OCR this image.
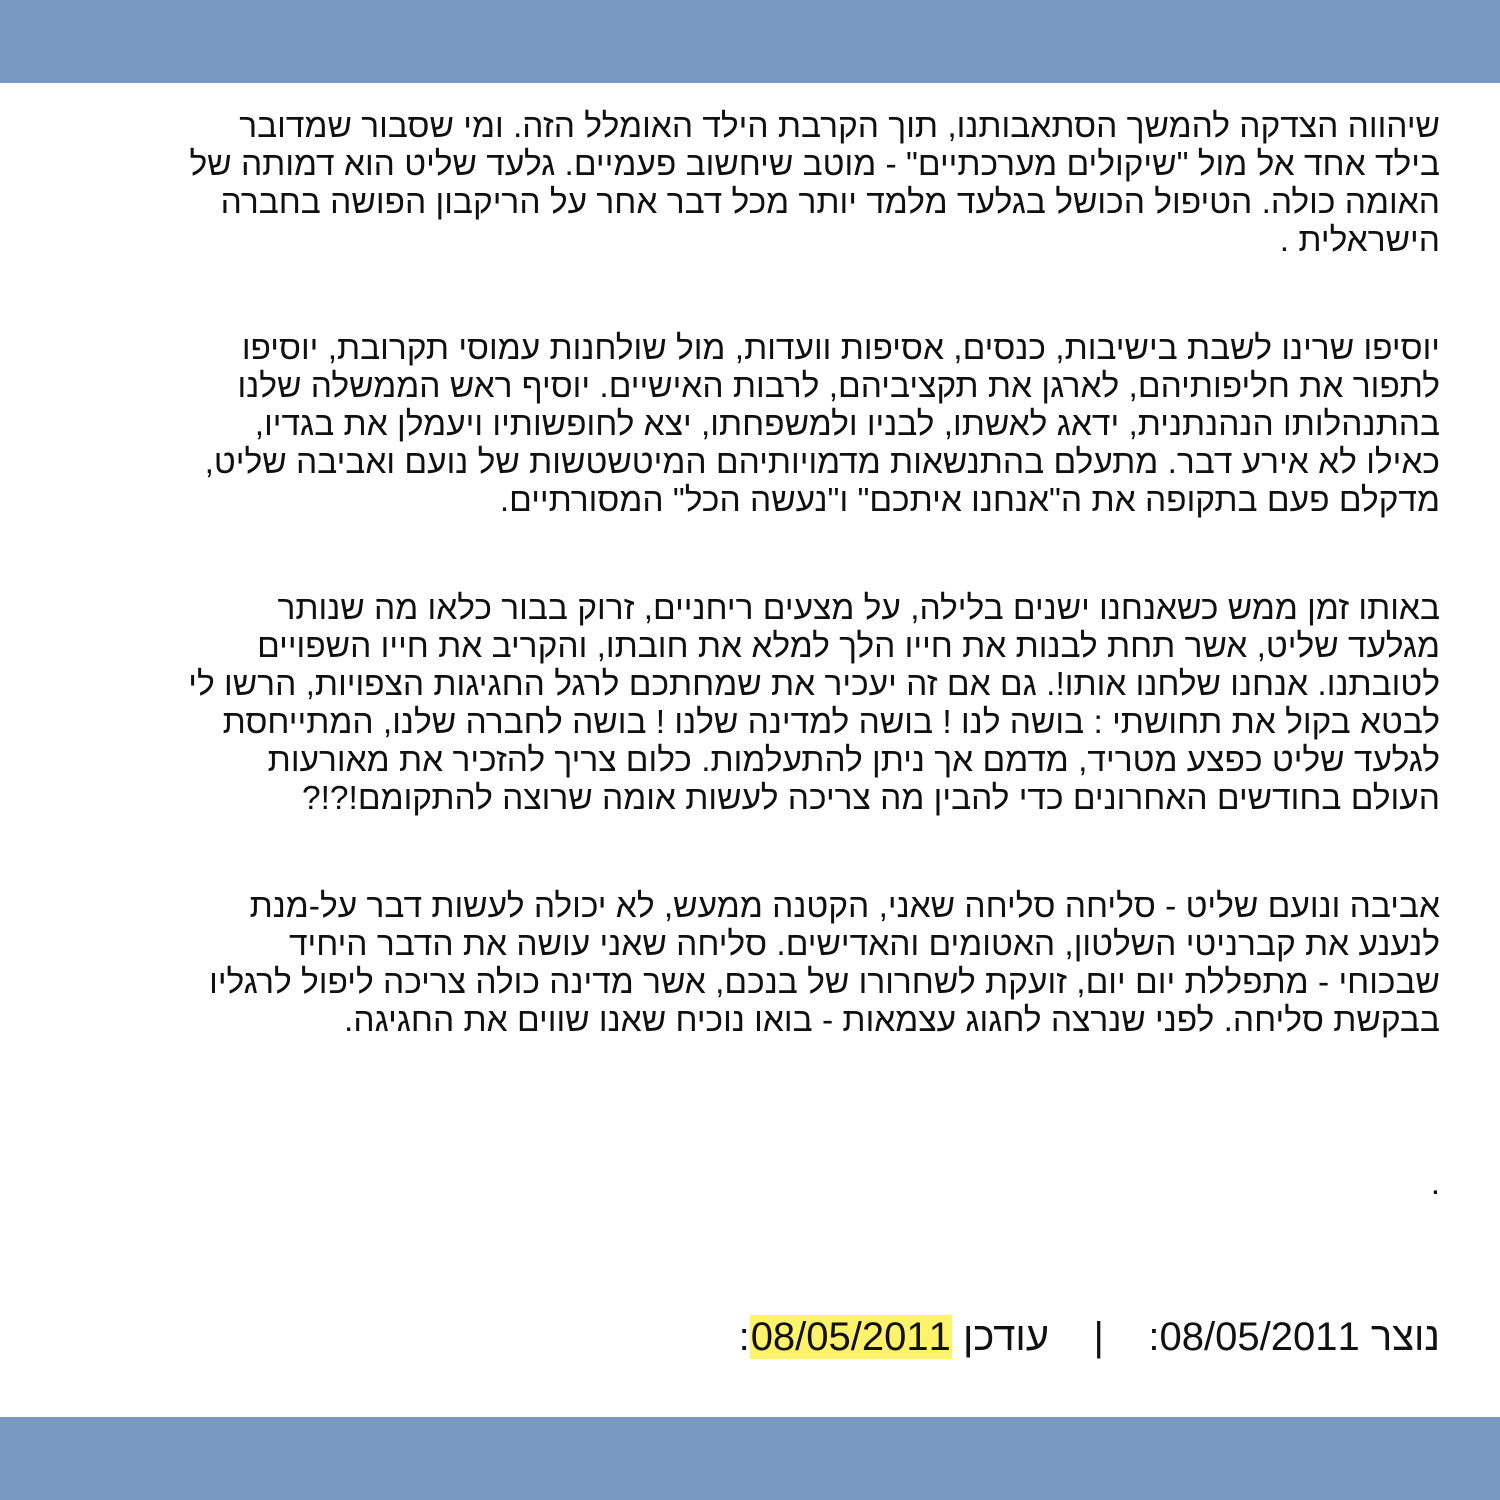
שיהווה הצדקה להמשך הסתאבותנו, תוך הקרבת הילד האומלל הזה. ומי שסבור שמדובר
בילד אחד אל מול "שיקולים מערכתיים" - מוטב שיחשוב פעמיים. גלעד שליט הוא דמותה של
האומה כולה. הטיפול הכושל בגלעד מלמד יותר מכל דבר אחר על הריקבון הפושה בחברה
הישראלית .

יוסיפו שרינו לשבת בישיבות, כנסים, אסיפות וועדות, מול שולחנות עמוסי תקרובת, יוסיפו
לתפור את חליפותיהם, לארגן את תקציביהם, לרבות האישיים. יוסיף ראש הממשלה שלנו
בהתנהלותו הנהנתנית, ידאג לאשתו, לבניו ולמשפחתו, יצא לחופשותיו ויעמלן את בגדיו,
כאילו לא אירע דבר. מתעלם בהתנשאות מדמויותיהם המיטשטשות של נועם ואביבה שליט,
מדקלם פעם בתקופה את ה"אנחנו איתכם" ו"נעשה הכל" המסורתיים.

באותו זמן ממש כשאנחנו ישנים בלילה, על מצעים ריחניים, זרוק בבור כלאו מה שנותר
מגלעד שליט, אשר תחת לבנות את חייו הלך למלא את חובתו, והקריב את חייו השפויים
לטובתנו. אנחנו שלחנו אותו!. גם אם זה יעכיר את שמחתכם לרגל החגיגות הצפויות, הרשו לי
לבטא בקול את תחושתי : בושה לנו ! בושה למדינה שלנו ! בושה לחברה שלנו, המתייחסת
לגלעד שליט כפצע מטריד, מדמם אך ניתן להתעלמות. כלום צריך להזכיר את מאורעות
העולם בחודשים האחרונים כדי להבין מה צריכה לעשות אומה שרוצה להתקומם!?!?

אביבה ונועם שליט - סליחה סליחה שאני, הקטנה ממעש, לא יכולה לעשות דבר על-מנת
לנענע את קברניטי השלטון, האטומים והאדישים. סליחה שאני עושה את הדבר היחיד
שבכוחי - מתפללת יום יום, זועקת לשחרורו של בנכם, אשר מדינה כולה צריכה ליפול לרגליו
בבקשת סליחה. לפני שנרצה לחגוג עצמאות - בואו נוכיח שאנו שווים את החגיגה.

.
נוצר 08/05/2011:    |    עודכן 08/05/2011:
